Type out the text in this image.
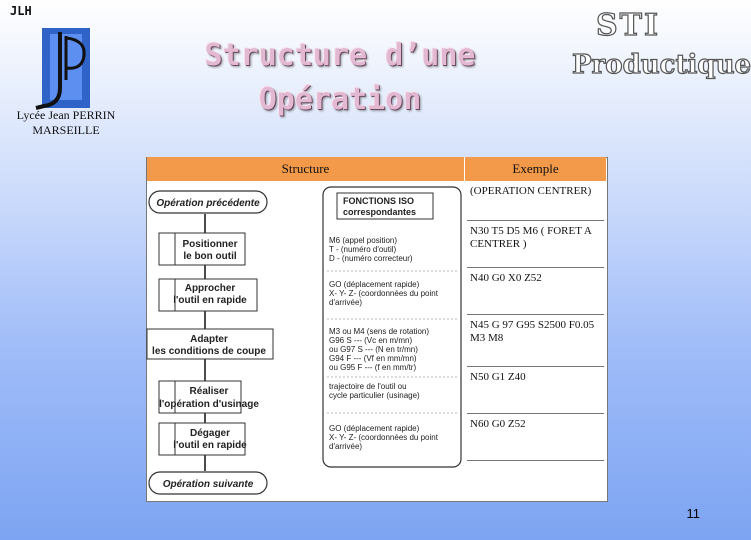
JLH
Lycée Jean PERRIN
MARSEILLE
Structure d’une
Opération
STI
Productique
Structure	Exemple
(OPERATION CENTRER)
N30 T5 D5 M6 ( FORET A CENTRER )
N40 G0 X0 Z52
N45 G 97 G95 S2500 F0.05 M3 M8
N50 G1 Z40
N60 G0 Z52
Opération précédente
Positionner
le bon outil
Approcher
l'outil en rapide
Adapter
les conditions de coupe
Réaliser
l'opération d'usinage
Dégager
l'outil en rapide
Opération suivante
FONCTIONS ISO
correspondantes
M6 (appel position)
T - (numéro d'outil)
D - (numéro correcteur)
GO (déplacement rapide)
X- Y- Z- (coordonnées du point
d'arrivée)
M3 ou M4 (sens de rotation)
G96 S --- (Vc en m/mn)
ou G97 S --- (N en tr/mn)
G94 F --- (Vf en mm/mn)
ou G95 F --- (f en mm/tr)
trajectoire de l'outil ou
cycle particulier (usinage)
GO (déplacement rapide)
X- Y- Z- (coordonnées du point
d'arrivée)
11
